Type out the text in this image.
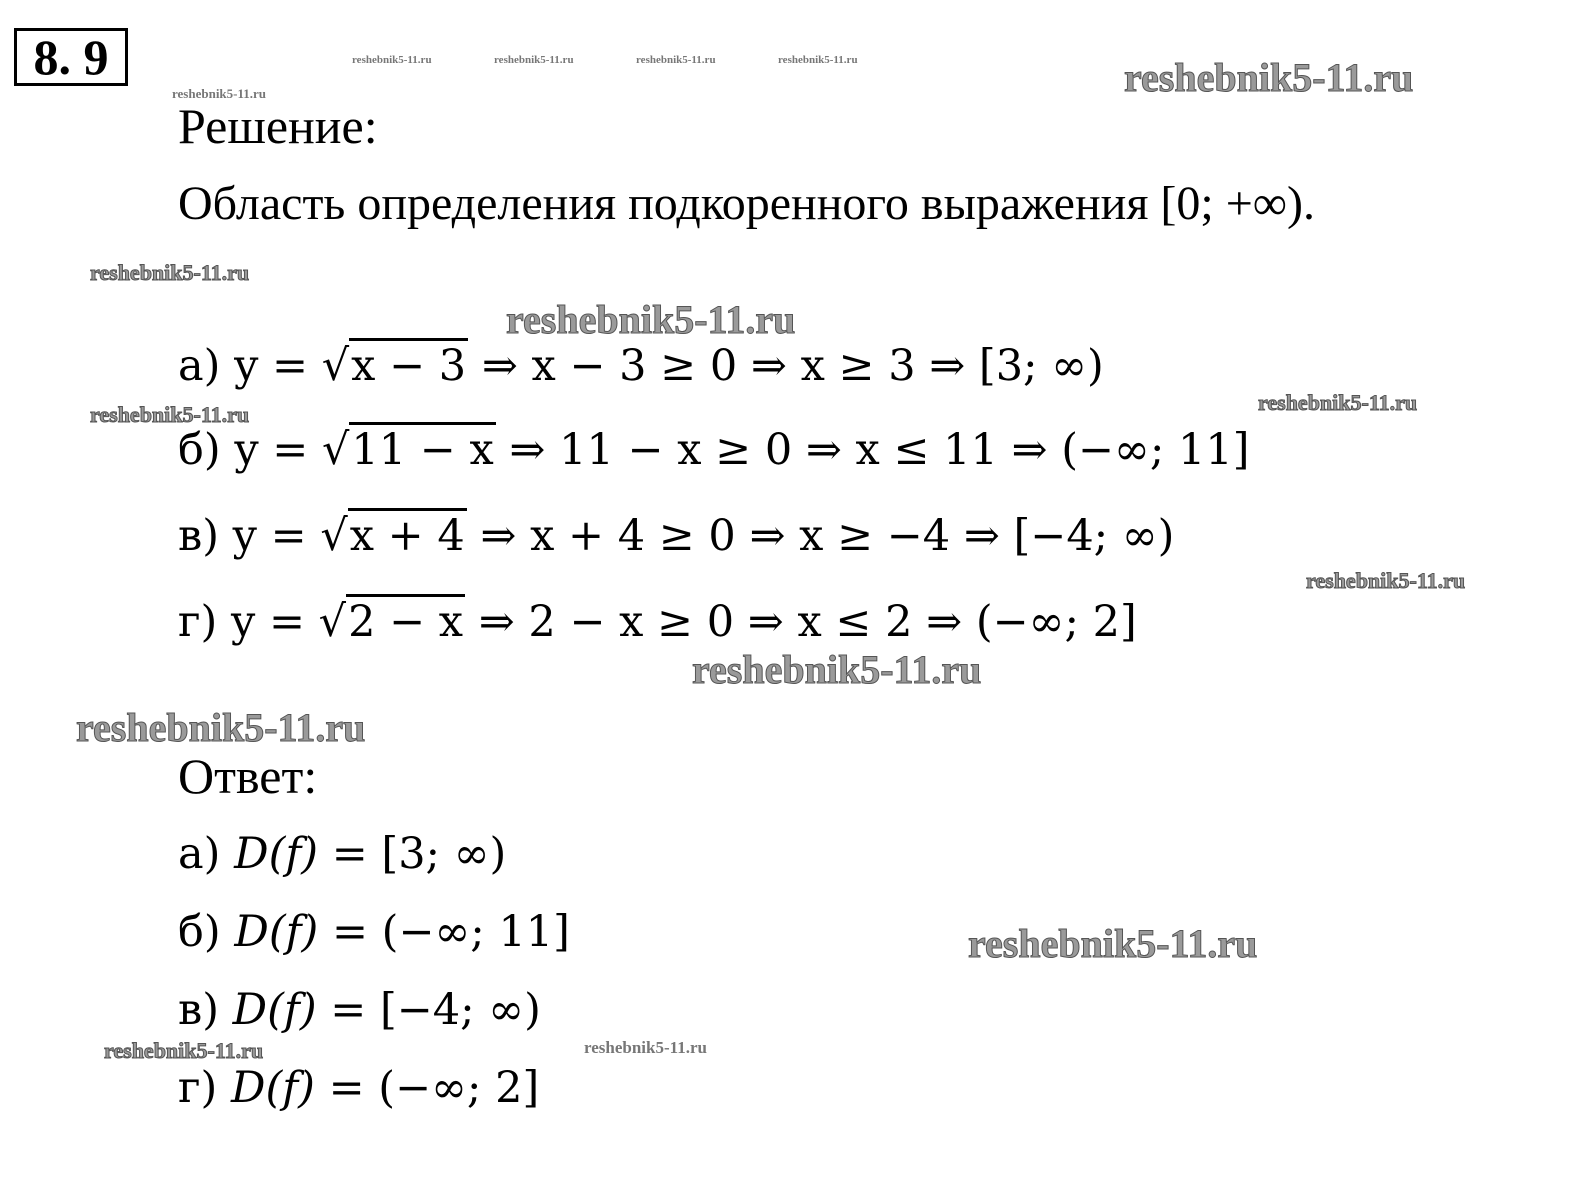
8. 9	reshebnik5-11.ru	reshebnik5-11.ru	reshebnik5-11.ru	reshebnik5-11.ru
reshebnik5-11.ru	reshebnik5-11.ru
reshebnik5-11.ru
reshebnik5-11.ru
reshebnik5-11.ru	reshebnik5-11.ru
reshebnik5-11.ru
reshebnik5-11.ru
reshebnik5-11.ru
reshebnik5-11.ru
reshebnik5-11.ru	reshebnik5-11.ru
Решение:
Область определения подкоренного выражения [0; +∞).
а) y = √x − 3 ⇒ x − 3 ≥ 0 ⇒ x ≥ 3 ⇒ [3; ∞)
б) y = √11 − x ⇒ 11 − x ≥ 0 ⇒ x ≤ 11 ⇒ (−∞; 11]
в) y = √x + 4 ⇒ x + 4 ≥ 0 ⇒ x ≥ −4 ⇒ [−4; ∞)
г) y = √2 − x ⇒ 2 − x ≥ 0 ⇒ x ≤ 2 ⇒ (−∞; 2]
Ответ:
а) D(f) = [3; ∞)
б) D(f) = (−∞; 11]
в) D(f) = [−4; ∞)
г) D(f) = (−∞; 2]
